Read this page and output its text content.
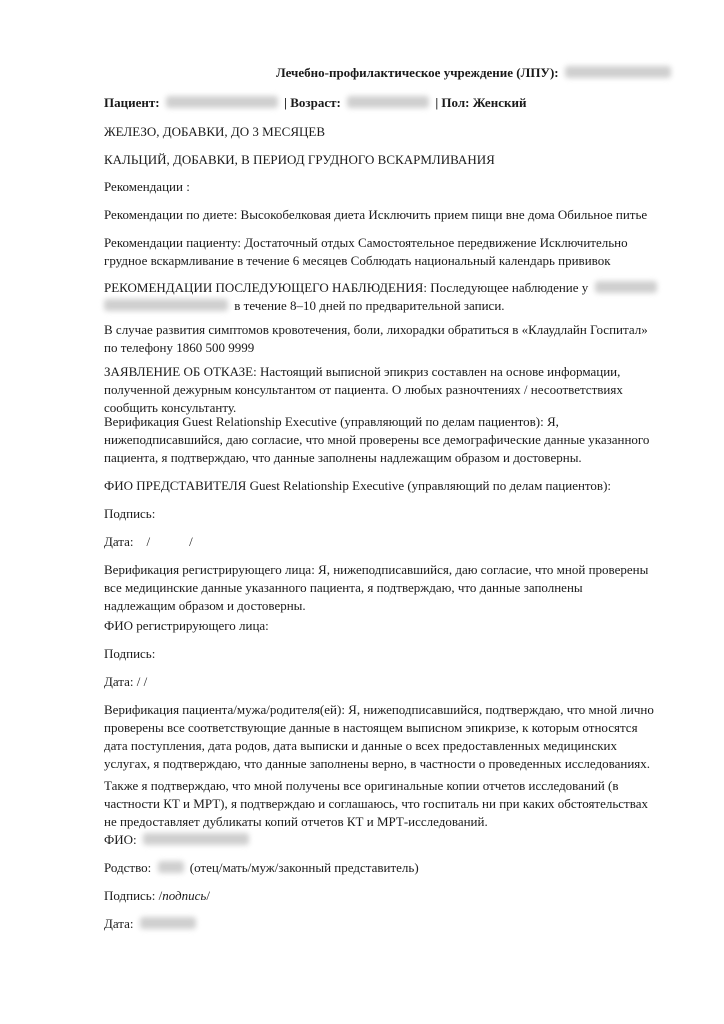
Лечебно-профилактическое учреждение (ЛПУ):

Пациент:	| Возраст:	| Пол: Женский

ЖЕЛЕЗО, ДОБАВКИ, ДО 3 МЕСЯЦЕВ

КАЛЬЦИЙ, ДОБАВКИ, В ПЕРИОД ГРУДНОГО ВСКАРМЛИВАНИЯ

Рекомендации :

Рекомендации по диете: Высокобелковая диета Исключить прием пищи вне дома Обильное питье

Рекомендации пациенту: Достаточный отдых Самостоятельное передвижение Исключительно

грудное вскармливание в течение 6 месяцев Соблюдать национальный календарь прививок

РЕКОМЕНДАЦИИ ПОСЛЕДУЮЩЕГО НАБЛЮДЕНИЯ: Последующее наблюдение у

в течение 8–10 дней по предварительной записи.

В случае развития симптомов кровотечения, боли, лихорадки обратиться в «Клаудлайн Госпитал»

по телефону 1860 500 9999

ЗАЯВЛЕНИЕ ОБ ОТКАЗЕ: Настоящий выписной эпикриз составлен на основе информации,

полученной дежурным консультантом от пациента. О любых разночтениях / несоответствиях

сообщить консультанту.

Верификация Guest Relationship Executive (управляющий по делам пациентов): Я,

нижеподписавшийся, даю согласие, что мной проверены все демографические данные указанного

пациента, я подтверждаю, что данные заполнены надлежащим образом и достоверны.

ФИО ПРЕДСТАВИТЕЛЯ Guest Relationship Executive (управляющий по делам пациентов):

Подпись:

Дата:    /            /

Верификация регистрирующего лица: Я, нижеподписавшийся, даю согласие, что мной проверены

все медицинские данные указанного пациента, я подтверждаю, что данные заполнены

надлежащим образом и достоверны.

ФИО регистрирующего лица:

Подпись:

Дата: / /

Верификация пациента/мужа/родителя(ей): Я, нижеподписавшийся, подтверждаю, что мной лично

проверены все соответствующие данные в настоящем выписном эпикризе, к которым относятся

дата поступления, дата родов, дата выписки и данные о всех предоставленных медицинских

услугах, я подтверждаю, что данные заполнены верно, в частности о проведенных исследованиях.

Также я подтверждаю, что мной получены все оригинальные копии отчетов исследований (в

частности КТ и МРТ), я подтверждаю и соглашаюсь, что госпиталь ни при каких обстоятельствах

не предоставляет дубликаты копий отчетов КТ и МРТ-исследований.

ФИО:

Родство:	(отец/мать/муж/законный представитель)

Подпись: /подпись/

Дата:
